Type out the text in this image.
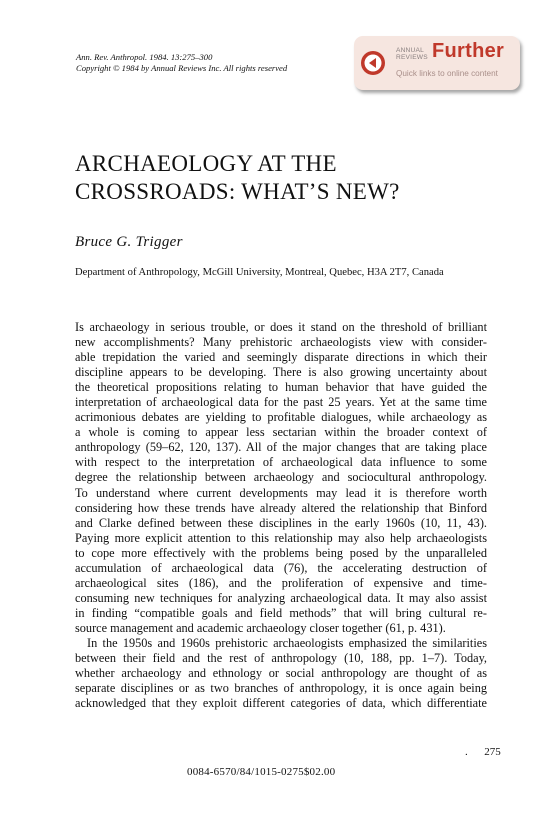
Ann. Rev. Anthropol. 1984. 13:275–300
Copyright © 1984 by Annual Reviews Inc. All rights reserved
ANNUAL
REVIEWS Further
Quick links to online content
ARCHAEOLOGY AT THE
CROSSROADS: WHAT’S NEW?
Bruce G. Trigger
Department of Anthropology, McGill University, Montreal, Quebec, H3A 2T7, Canada
Is archaeology in serious trouble, or does it stand on the threshold of brilliant
new accomplishments? Many prehistoric archaeologists view with consider-
able trepidation the varied and seemingly disparate directions in which their
discipline appears to be developing. There is also growing uncertainty about
the theoretical propositions relating to human behavior that have guided the
interpretation of archaeological data for the past 25 years. Yet at the same time
acrimonious debates are yielding to profitable dialogues, while archaeology as
a whole is coming to appear less sectarian within the broader context of
anthropology (59–62, 120, 137). All of the major changes that are taking place
with respect to the interpretation of archaeological data influence to some
degree the relationship between archaeology and sociocultural anthropology.
To understand where current developments may lead it is therefore worth
considering how these trends have already altered the relationship that Binford
and Clarke defined between these disciplines in the early 1960s (10, 11, 43).
Paying more explicit attention to this relationship may also help archaeologists
to cope more effectively with the problems being posed by the unparalleled
accumulation of archaeological data (76), the accelerating destruction of
archaeological sites (186), and the proliferation of expensive and time-
consuming new techniques for analyzing archaeological data. It may also assist
in finding “compatible goals and field methods” that will bring cultural re-
source management and academic archaeology closer together (61, p. 431).
In the 1950s and 1960s prehistoric archaeologists emphasized the similarities
between their field and the rest of anthropology (10, 188, pp. 1–7). Today,
whether archaeology and ethnology or social anthropology are thought of as
separate disciplines or as two branches of anthropology, it is once again being
acknowledged that they exploit different categories of data, which differentiate
. 275
0084-6570/84/1015-0275$02.00
